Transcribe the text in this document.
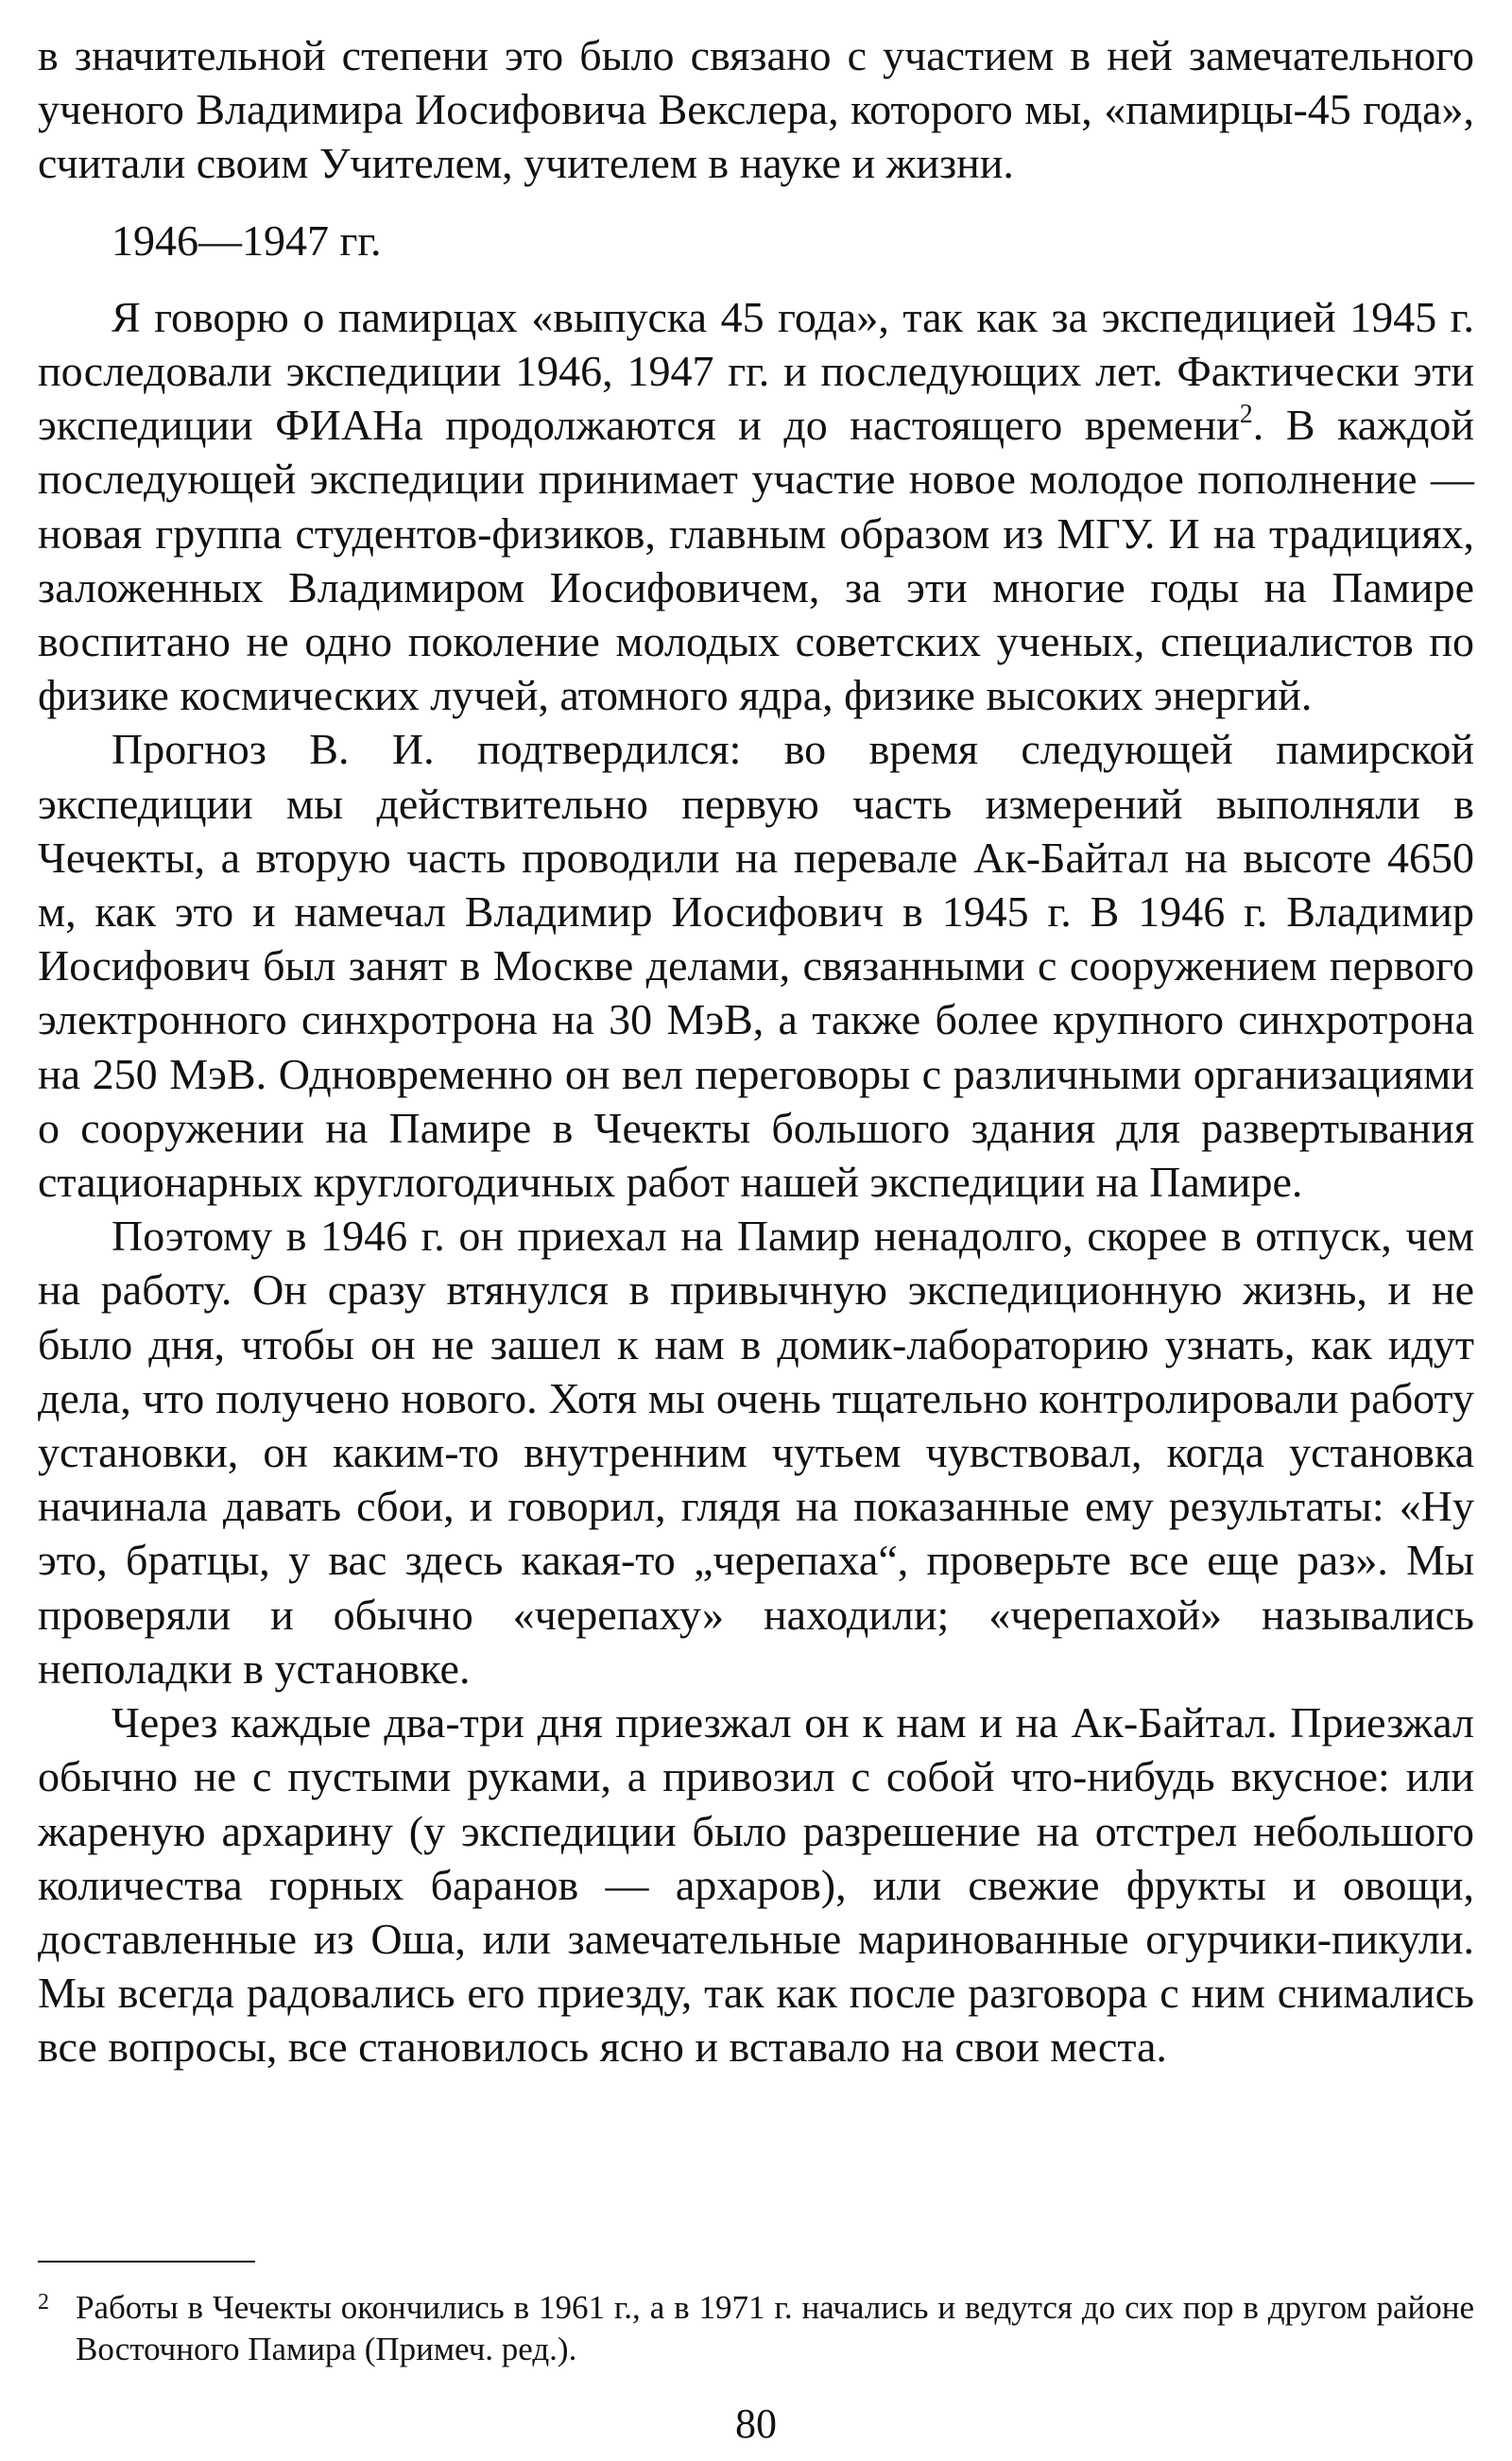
в значительной степени это было связано с участием в ней замечательного ученого Владимира Иосифовича Векслера, которого мы, «памирцы-45 года», считали своим Учителем, учителем в науке и жизни.

1946—1947 гг.

Я говорю о памирцах «выпуска 45 года», так как за экспедицией 1945 г. последовали экспедиции 1946, 1947 гг. и последующих лет. Фактически эти экспедиции ФИАНа продолжаются и до настоящего времени$^2$. В каждой последующей экспедиции принимает участие новое молодое пополнение — новая группа студентов-физиков, главным образом из МГУ. И на традициях, заложенных Владимиром Иосифовичем, за эти многие годы на Памире воспитано не одно поколение молодых советских ученых, специалистов по физике космических лучей, атомного ядра, физике высоких энергий.

Прогноз В. И. подтвердился: во время следующей памирской экспедиции мы действительно первую часть измерений выполняли в Чечекты, а вторую часть проводили на перевале Ак-Байтал на высоте 4650 м, как это и намечал Владимир Иосифович в 1945 г. В 1946 г. Владимир Иосифович был занят в Москве делами, связанными с сооружением первого электронного синхротрона на 30 МэВ, а также более крупного синхротрона на 250 МэВ. Одновременно он вел переговоры с различными организациями о сооружении на Памире в Чечекты большого здания для развертывания стационарных круглогодичных работ нашей экспедиции на Памире.

Поэтому в 1946 г. он приехал на Памир ненадолго, скорее в отпуск, чем на работу. Он сразу втянулся в привычную экспедиционную жизнь, и не было дня, чтобы он не зашел к нам в домик-лабораторию узнать, как идут дела, что получено нового. Хотя мы очень тщательно контролировали работу установки, он каким-то внутренним чутьем чувствовал, когда установка начинала давать сбои, и говорил, глядя на показанные ему результаты: «Ну это, братцы, у вас здесь какая-то „черепаха“, проверьте все еще раз». Мы проверяли и обычно «черепаху» находили; «черепахой» назывались неполадки в установке.

Через каждые два-три дня приезжал он к нам и на Ак-Байтал. Приезжал обычно не с пустыми руками, а привозил с собой что-нибудь вкусное: или жареную архарину (у экспедиции было разрешение на отстрел небольшого количества горных баранов — архаров), или свежие фрукты и овощи, доставленные из Оша, или замечательные маринованные огурчики-пикули. Мы всегда радовались его приезду, так как после разговора с ним снимались все вопросы, все становилось ясно и вставало на свои места.

2 Работы в Чечекты окончились в 1961 г., а в 1971 г. начались и ведутся до сих пор в другом районе Восточного Памира (Примеч. ред.).
80
